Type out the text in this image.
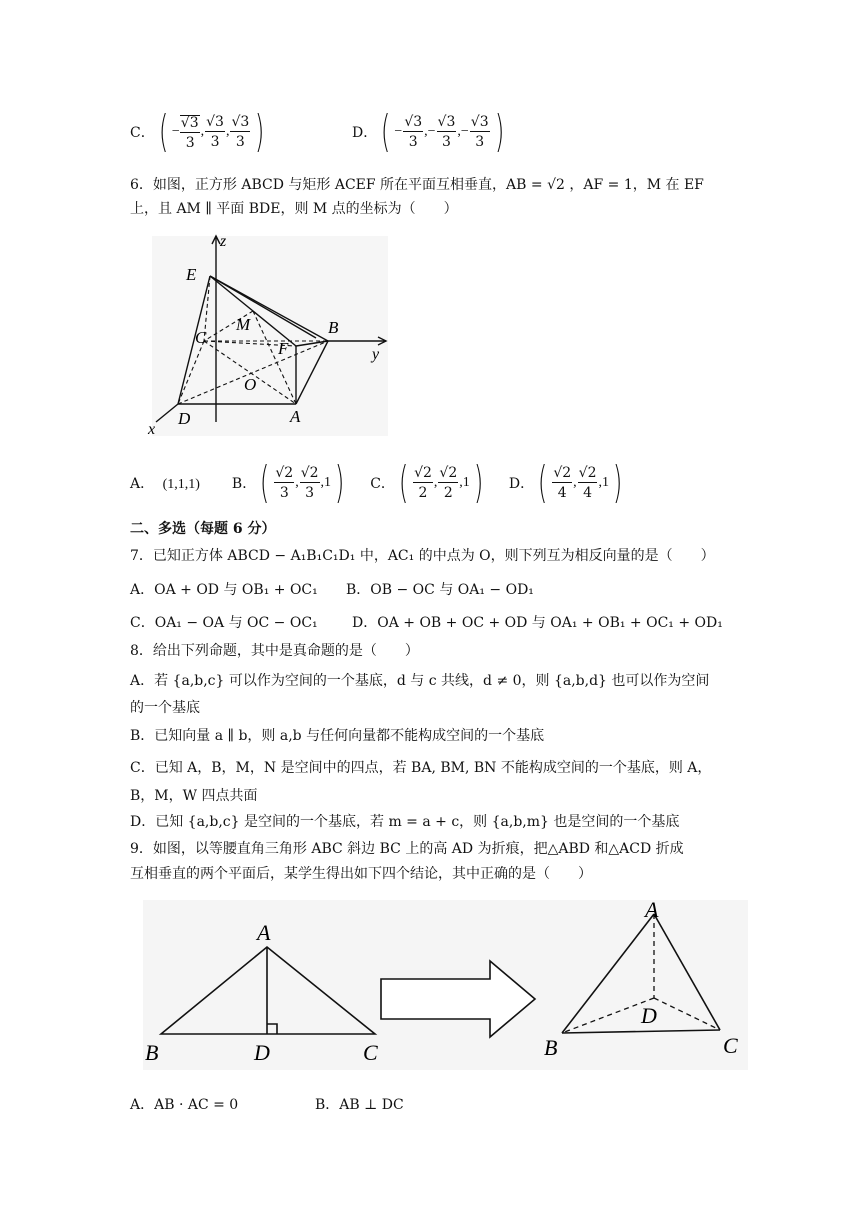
C． ( − $\frac{√3}{3}$ , $\frac{√3}{3}$ , $\frac{√3}{3}$ )	D． ( − $\frac{√3}{3}$ ,− $\frac{√3}{3}$ ,− $\frac{√3}{3}$ )
6．如图，正方形 ABCD 与矩形 ACEF 所在平面互相垂直，AB = √2 ，AF = 1，M 在 EF
上，且 AM ∥ 平面 BDE，则 M 点的坐标为（　　）
z
y
x
E
M	B
C
F
O
D	A
A． (1,1,1) B． ( $\frac{√2}{3}$ , $\frac{√2}{3} ,1$ ) C． ( $\frac{√2}{2}$ , $\frac{√2}{2} ,1$ ) D． ( $\frac{√2}{4}$ , $\frac{√2}{4} ,1$ )
二、多选（每题 6 分）
7．已知正方体 ABCD − A₁B₁C₁D₁ 中，AC₁ 的中点为 O，则下列互为相反向量的是（　　）
A．OA + OD 与 OB₁ + OC₁ B．OB − OC 与 OA₁ − OD₁
C．OA₁ − OA 与 OC − OC₁ D．OA + OB + OC + OD 与 OA₁ + OB₁ + OC₁ + OD₁
8．给出下列命题，其中是真命题的是（　　）
A．若 {a,b,c} 可以作为空间的一个基底，d 与 c 共线，d ≠ 0，则 {a,b,d} 也可以作为空间
的一个基底
B．已知向量 a ∥ b，则 a,b 与任何向量都不能构成空间的一个基底
C．已知 A，B，M，N 是空间中的四点，若 BA, BM, BN 不能构成空间的一个基底，则 A，
B，M，W 四点共面
D．已知 {a,b,c} 是空间的一个基底，若 m = a + c，则 {a,b,m} 也是空间的一个基底
9．如图，以等腰直角三角形 ABC 斜边 BC 上的高 AD 为折痕，把△ABD 和△ACD 折成
互相垂直的两个平面后，某学生得出如下四个结论，其中正确的是（　　）
A
B	D	C
A
B
D
C
A．AB · AC = 0	B．AB ⊥ DC
